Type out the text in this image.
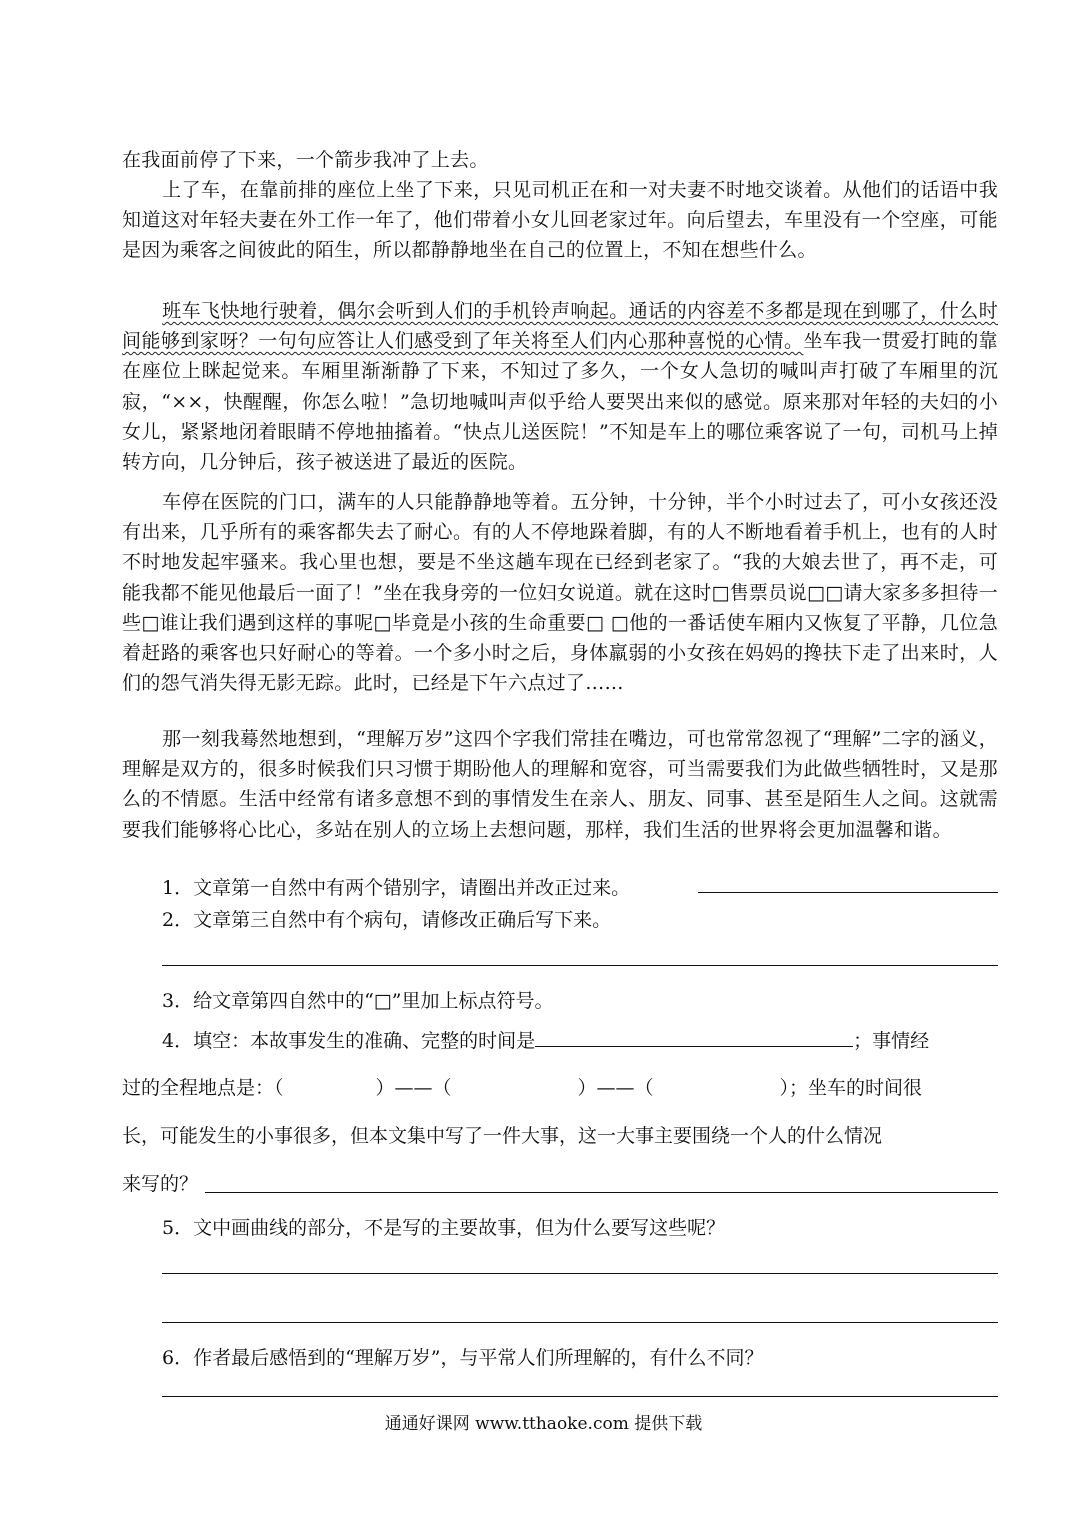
在我面前停了下来，一个箭步我冲了上去。

上了车，在靠前排的座位上坐了下来，只见司机正在和一对夫妻不时地交谈着。从他们的话语中我知道这对年轻夫妻在外工作一年了，他们带着小女儿回老家过年。向后望去，车里没有一个空座，可能是因为乘客之间彼此的陌生，所以都静静地坐在自己的位置上，不知在想些什么。

班车飞快地行驶着，偶尔会听到人们的手机铃声响起。通话的内容差不多都是现在到哪了，什么时间能够到家呀？一句句应答让人们感受到了年关将至人们内心那种喜悦的心情。坐车我一贯爱打盹的靠在座位上眯起觉来。车厢里渐渐静了下来，不知过了多久，一个女人急切的喊叫声打破了车厢里的沉寂，“××，快醒醒，你怎么啦！”急切地喊叫声似乎给人要哭出来似的感觉。原来那对年轻的夫妇的小女儿，紧紧地闭着眼睛不停地抽搐着。“快点儿送医院！”不知是车上的哪位乘客说了一句，司机马上掉转方向，几分钟后，孩子被送进了最近的医院。

车停在医院的门口，满车的人只能静静地等着。五分钟，十分钟，半个小时过去了，可小女孩还没有出来，几乎所有的乘客都失去了耐心。有的人不停地跺着脚，有的人不断地看着手机上，也有的人时不时地发起牢骚来。我心里也想，要是不坐这趟车现在已经到老家了。“我的大娘去世了，再不走，可能我都不能见他最后一面了！”坐在我身旁的一位妇女说道。就在这时□售票员说□□请大家多多担待一些□谁让我们遇到这样的事呢□毕竟是小孩的生命重要□ □他的一番话使车厢内又恢复了平静，几位急着赶路的乘客也只好耐心的等着。一个多小时之后，身体羸弱的小女孩在妈妈的搀扶下走了出来时，人们的怨气消失得无影无踪。此时，已经是下午六点过了……

那一刻我蓦然地想到，“理解万岁”这四个字我们常挂在嘴边，可也常常忽视了“理解”二字的涵义，理解是双方的，很多时候我们只习惯于期盼他人的理解和宽容，可当需要我们为此做些牺牲时，又是那么的不情愿。生活中经常有诸多意想不到的事情发生在亲人、朋友、同事、甚至是陌生人之间。这就需要我们能够将心比心，多站在别人的立场上去想问题，那样，我们生活的世界将会更加温馨和谐。

1．文章第一自然中有两个错别字，请圈出并改正过来。

2．文章第三自然中有个病句，请修改正确后写下来。

3．给文章第四自然中的“□”里加上标点符号。

4．填空：本故事发生的准确、完整的时间是	；事情经

过的全程地点是：（	）——（	）——（	）；坐车的时间很

长，可能发生的小事很多，但本文集中写了一件大事，这一大事主要围绕一个人的什么情况

来写的？

5．文中画曲线的部分，不是写的主要故事，但为什么要写这些呢？

6．作者最后感悟到的“理解万岁”，与平常人们所理解的，有什么不同？

通通好课网 www.tthaoke.com 提供下载
